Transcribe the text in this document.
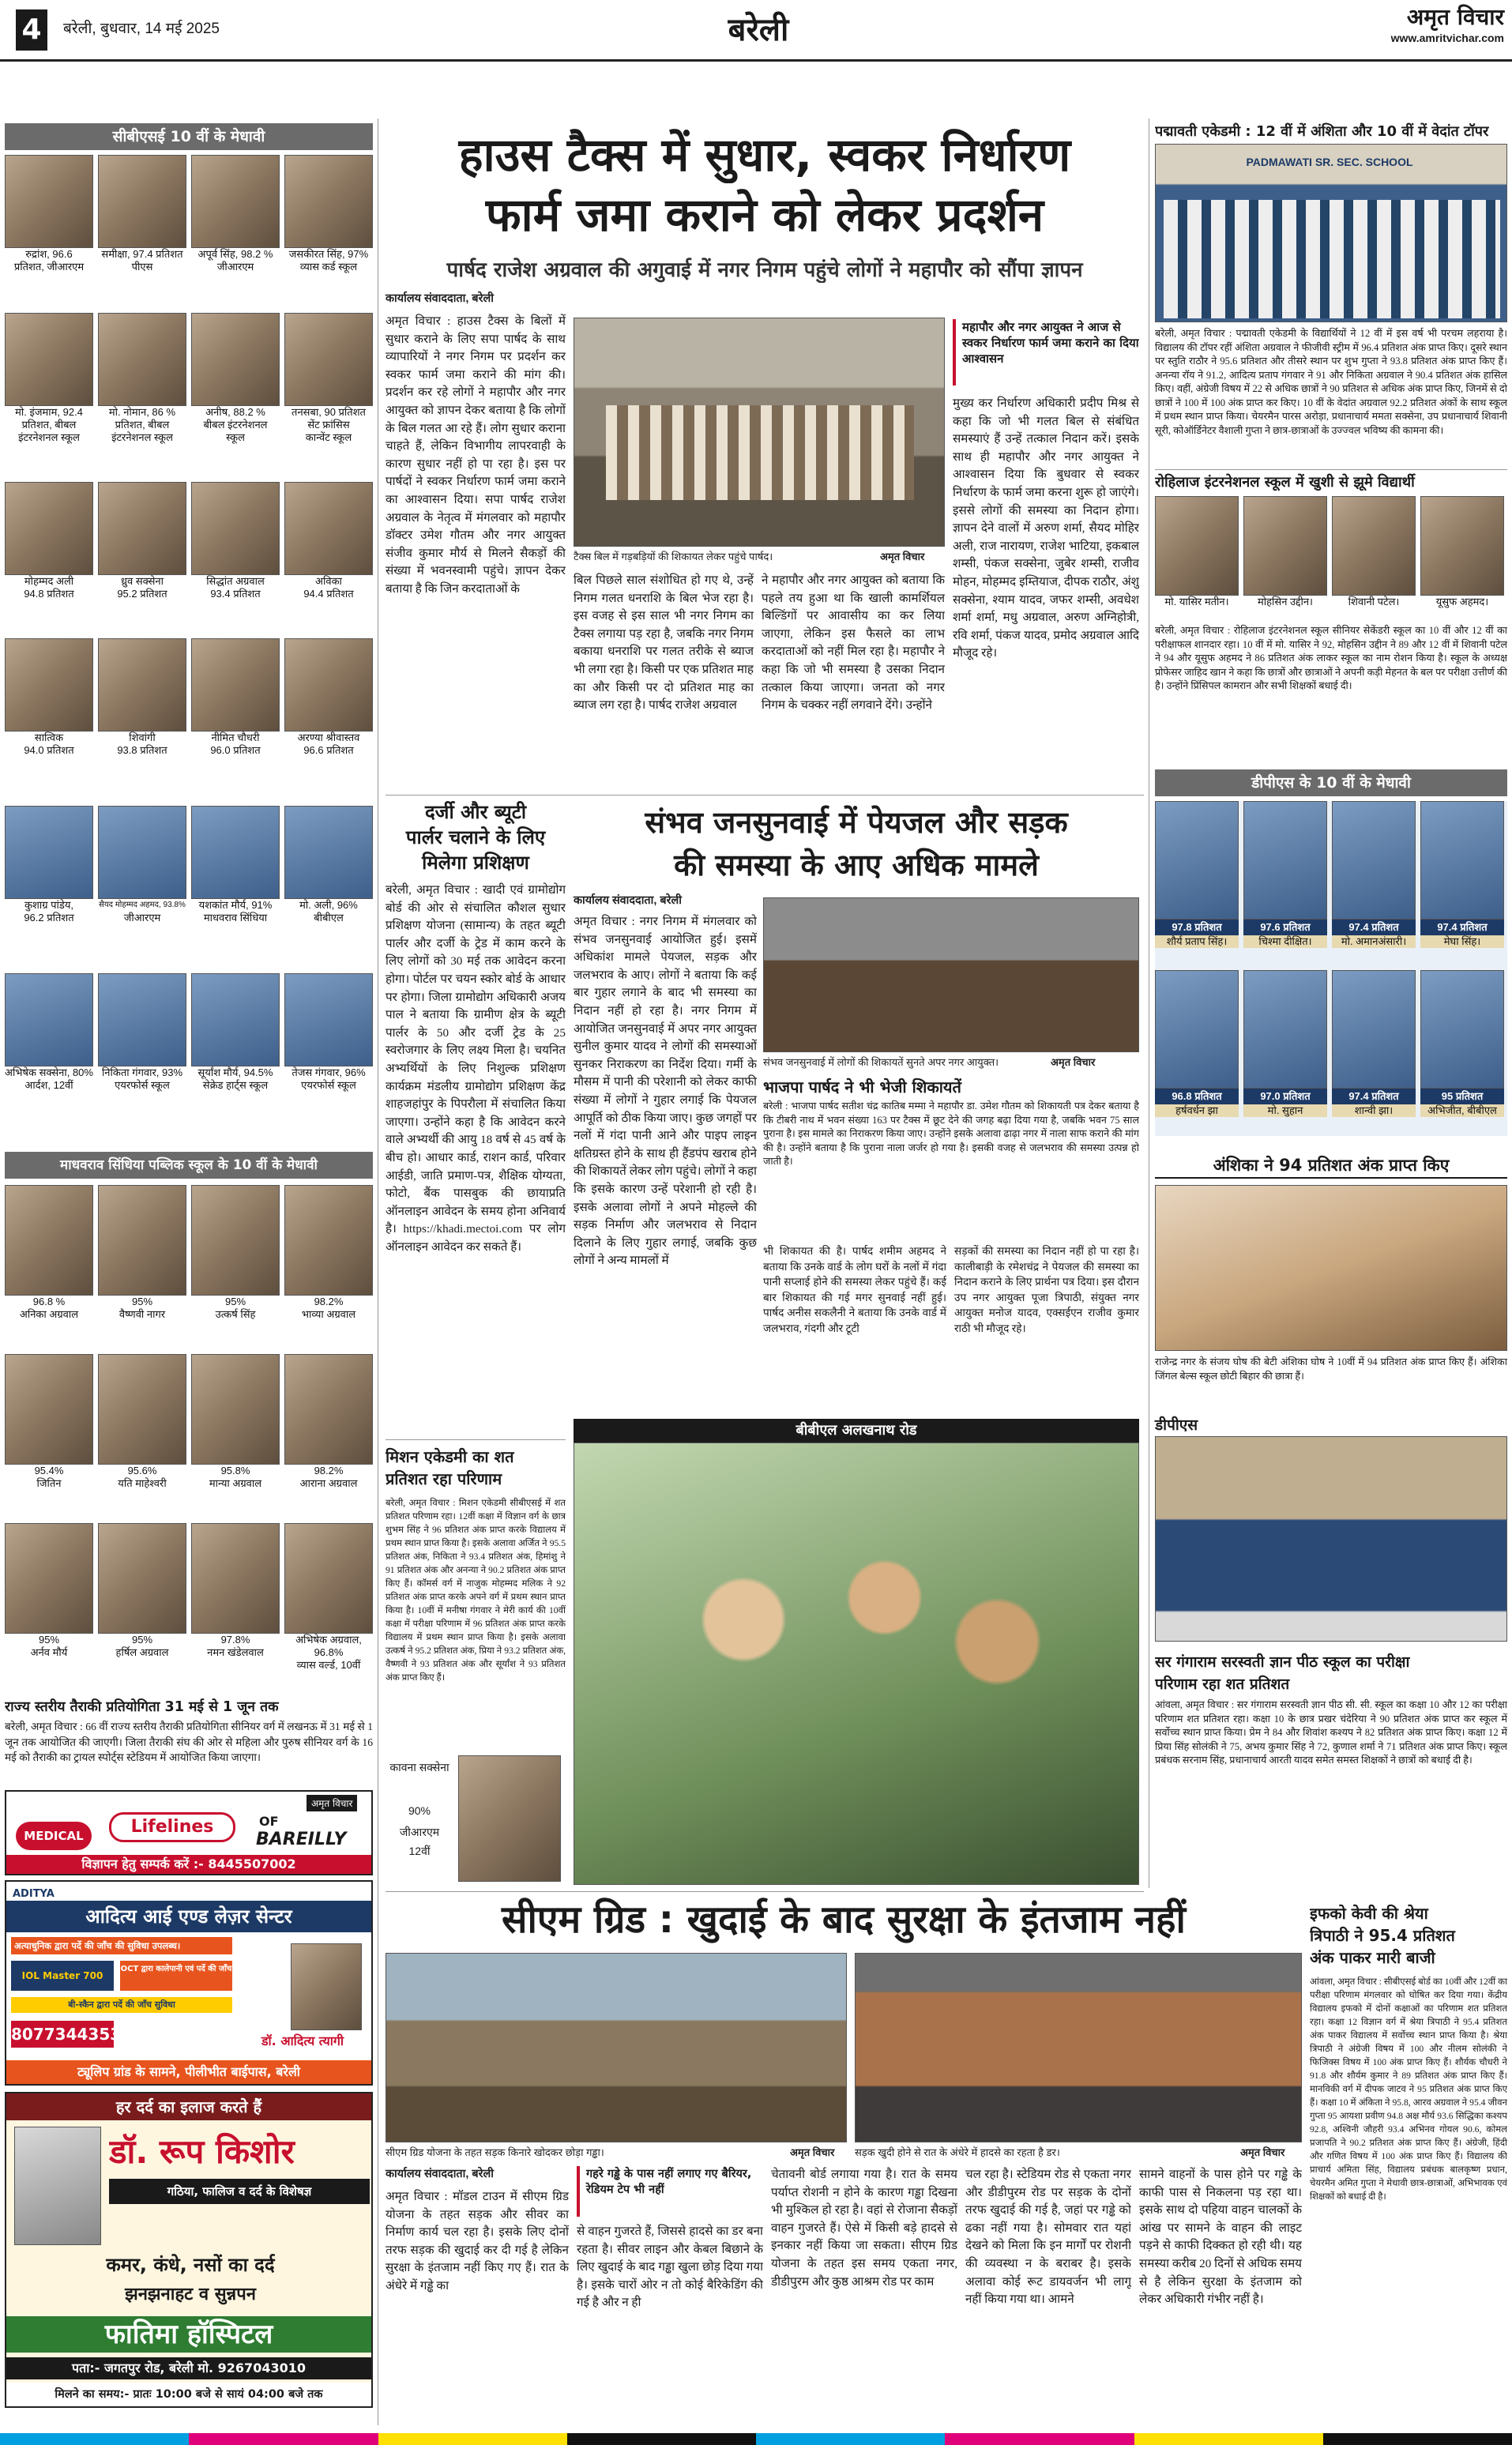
4	बरेली, बुधवार, 14 मई 2025	बरेली	अमृत विचार
www.amritvichar.com
सीबीएसई 10 वीं के मेधावी
रुद्रांश, 96.6
प्रतिशत, जीआरएम
समीक्षा, 97.4 प्रतिशत
पीएस
अपूर्व सिंह, 98.2 %
जीआरएम
जसकीरत सिंह, 97%
व्यास कर्ड स्कूल
मो. इंजमाम, 92.4
प्रतिशत, बीबल
इंटरनेशनल स्कूल
मो. नोमान, 86 %
प्रतिशत, बीबल
इंटरनेशनल स्कूल
अनीष, 88.2 %
बीबल इंटरनेशनल
स्कूल
तनसबा, 90 प्रतिशत
सेंट फ्रांसिस
कान्वेंट स्कूल
मोहम्मद अली
94.8 प्रतिशत
ध्रुव सक्सेना
95.2 प्रतिशत
सिद्धांत अग्रवाल
93.4 प्रतिशत
अविका
94.4 प्रतिशत
सात्विक
94.0 प्रतिशत
शिवांगी
93.8 प्रतिशत
नीमित चौधरी
96.0 प्रतिशत
अरण्या श्रीवास्तव
96.6 प्रतिशत
कुशाग्र पांडेय,
96.2 प्रतिशत
सैयद मोहम्मद अहमद, 93.8%
जीआरएम
यशकांत मौर्य, 91%
माधवराव सिंधिया
मो. अली, 96%
बीबीएल
अभिषेक सक्सेना, 80%
आर्दश, 12वीं
निकिता गंगवार, 93%
एयरफोर्स स्कूल
सूर्यांश मौर्य, 94.5%
सेक्रेड हार्ट्स स्कूल
तेजस गंगवार, 96%
एयरफोर्स स्कूल
माधवराव सिंधिया पब्लिक स्कूल के 10 वीं के मेधावी
96.8 %
अनिका अग्रवाल
95%
वैष्णवी नागर
95%
उत्कर्ष सिंह
98.2%
भाव्या अग्रवाल
95.4%
जितिन
95.6%
यति माहेश्वरी
95.8%
मान्या अग्रवाल
98.2%
आराना अग्रवाल
95%
अर्नव मौर्य
95%
हर्षिल अग्रवाल
97.8%
नमन खंडेलवाल
अभिषेक अग्रवाल, 96.8%
व्यास वर्ल्ड, 10वीं
राज्य स्तरीय तैराकी प्रतियोगिता 31 मई से 1 जून तक
बरेली, अमृत विचार : 66 वीं राज्य स्तरीय तैराकी प्रतियोगिता सीनियर वर्ग में लखनऊ में 31 मई से 1 जून तक आयोजित की जाएगी। जिला तैराकी संघ की ओर से महिला और पुरुष सीनियर वर्ग के 16 मई को तैराकी का ट्रायल स्पोर्ट्स स्टेडियम में आयोजित किया जाएगा।
MEDICAL	Lifelines
अमृत विचार
OF
BAREILLY
विज्ञापन हेतु सम्पर्क करें :- 8445507002
ADITYA
आदित्य आई एण्ड लेज़र सेन्टर
अत्याधुनिक द्वारा पर्दे की जाँच की सुविधा उपलब्ध।
IOL Master 700
OCT द्वारा कालेपानी एवं पर्दे की जाँच
बी-स्कैन द्वारा पर्दे की जाँच सुविधा
8077344353	डॉ. आदित्य त्यागी
ट्यूलिप ग्रांड के सामने, पीलीभीत बाईपास, बरेली
हर दर्द का इलाज करते हैं
डॉ. रूप किशोर
गठिया, फालिज व दर्द के विशेषज्ञ
कमर, कंधे, नसों का दर्द
झनझनाहट व सुन्नपन
फातिमा हॉस्पिटल
पता:- जगतपुर रोड, बरेली मो. 9267043010
मिलने का समय:- प्रातः 10:00 बजे से सायं 04:00 बजे तक
हाउस टैक्स में सुधार, स्वकर निर्धारण
फार्म जमा कराने को लेकर प्रदर्शन
पार्षद राजेश अग्रवाल की अगुवाई में नगर निगम पहुंचे लोगों ने महापौर को सौंपा ज्ञापन
कार्यालय संवाददाता, बरेली
अमृत विचार : हाउस टैक्स के बिलों में सुधार कराने के लिए सपा पार्षद के साथ व्यापारियों ने नगर निगम पर प्रदर्शन कर स्वकर फार्म जमा कराने की मांग की। प्रदर्शन कर रहे लोगों ने महापौर और नगर आयुक्त को ज्ञापन देकर बताया है कि लोगों के बिल गलत आ रहे हैं। लोग सुधार कराना चाहते हैं, लेकिन विभागीय लापरवाही के कारण सुधार नहीं हो पा रहा है। इस पर पार्षदों ने स्वकर निर्धारण फार्म जमा कराने का आश्वासन दिया। सपा पार्षद राजेश अग्रवाल के नेतृत्व में मंगलवार को महापौर डॉक्टर उमेश गौतम और नगर आयुक्त संजीव कुमार मौर्य से मिलने सैकड़ों की संख्या में भवनस्वामी पहुंचे। ज्ञापन देकर बताया है कि जिन करदाताओं के
टैक्स बिल में गड़बड़ियों की शिकायत लेकर पहुंचे पार्षद।	अमृत विचार
महापौर और नगर आयुक्त ने आज से स्वकर निर्धारण फार्म जमा कराने का दिया आश्वासन
मुख्य कर निर्धारण अधिकारी प्रदीप मिश्र से कहा कि जो भी गलत बिल से संबंधित समस्याएं हैं उन्हें तत्काल निदान करें। इसके साथ ही महापौर और नगर आयुक्त ने आश्वासन दिया कि बुधवार से स्वकर निर्धारण के फार्म जमा करना शुरू हो जाएंगे। इससे लोगों की समस्या का निदान होगा। ज्ञापन देने वालों में अरुण शर्मा, सैयद मोहिर अली, राज नारायण, राजेश भाटिया, इकबाल शम्सी, पंकज सक्सेना, जुबेर शम्सी, राजीव मोहन, मोहम्मद इम्तियाज, दीपक राठौर, अंशु सक्सेना, श्याम यादव, जफर शम्सी, अवधेश शर्मा शर्मा, मधु अग्रवाल, अरुण अग्निहोत्री, रवि शर्मा, पंकज यादव, प्रमोद अग्रवाल आदि मौजूद रहे।
बिल पिछले साल संशोधित हो गए थे, उन्हें निगम गलत धनराशि के बिल भेज रहा है। इस वजह से इस साल भी नगर निगम का टैक्स लगाया पड़ रहा है, जबकि नगर निगम बकाया धनराशि पर गलत तरीके से ब्याज भी लगा रहा है। किसी पर एक प्रतिशत माह का और किसी पर दो प्रतिशत माह का ब्याज लग रहा है। पार्षद राजेश अग्रवाल
ने महापौर और नगर आयुक्त को बताया कि पहले तय हुआ था कि खाली कामर्शियल बिल्डिंगों पर आवासीय का कर लिया जाएगा, लेकिन इस फैसले का लाभ करदाताओं को नहीं मिल रहा है। महापौर ने कहा कि जो भी समस्या है उसका निदान तत्काल किया जाएगा। जनता को नगर निगम के चक्कर नहीं लगवाने देंगे। उन्होंने
दर्जी और ब्यूटी
पार्लर चलाने के लिए
मिलेगा प्रशिक्षण
बरेली, अमृत विचार : खादी एवं ग्रामोद्योग बोर्ड की ओर से संचालित कौशल सुधार प्रशिक्षण योजना (सामान्य) के तहत ब्यूटी पार्लर और दर्जी के ट्रेड में काम करने के लिए लोगों को 30 मई तक आवेदन करना होगा। पोर्टल पर चयन स्कोर बोर्ड के आधार पर होगा। जिला ग्रामोद्योग अधिकारी अजय पाल ने बताया कि ग्रामीण क्षेत्र के ब्यूटी पार्लर के 50 और दर्जी ट्रेड के 25 स्वरोजगार के लिए लक्ष्य मिला है। चयनित अभ्यर्थियों के लिए निशुल्क प्रशिक्षण कार्यक्रम मंडलीय ग्रामोद्योग प्रशिक्षण केंद्र शाहजहांपुर के पिपरौला में संचालित किया जाएगा। उन्होंने कहा है कि आवेदन करने वाले अभ्यर्थी की आयु 18 वर्ष से 45 वर्ष के बीच हो। आधार कार्ड, राशन कार्ड, परिवार आईडी, जाति प्रमाण-पत्र, शैक्षिक योग्यता, फोटो, बैंक पासबुक की छायाप्रति ऑनलाइन आवेदन के समय होना अनिवार्य है। https://khadi.mectoi.com पर लोग ऑनलाइन आवेदन कर सकते हैं।
मिशन एकेडमी का शत
प्रतिशत रहा परिणाम
बरेली, अमृत विचार : मिशन एकेडमी सीबीएसई में शत प्रतिशत परिणाम रहा। 12वीं कक्षा में विज्ञान वर्ग के छात्र शुभम सिंह ने 96 प्रतिशत अंक प्राप्त करके विद्यालय में प्रथम स्थान प्राप्त किया है। इसके अलावा अर्जित ने 95.5 प्रतिशत अंक, निकिता ने 93.4 प्रतिशत अंक, हिमांशु ने 91 प्रतिशत अंक और अनन्या ने 90.2 प्रतिशत अंक प्राप्त किए हैं। कॉमर्स वर्ग में नाजुक मोहम्मद मलिक ने 92 प्रतिशत अंक प्राप्त करके अपने वर्ग में प्रथम स्थान प्राप्त किया है। 10वीं में मनीषा गंगवार ने मेरी कार्य की 10वीं कक्षा में परीक्षा परिणाम में 96 प्रतिशत अंक प्राप्त करके विद्यालय में प्रथम स्थान प्राप्त किया है। इसके अलावा उत्कर्ष ने 95.2 प्रतिशत अंक, प्रिया ने 93.2 प्रतिशत अंक, वैष्णवी ने 93 प्रतिशत अंक और सूर्यांश ने 93 प्रतिशत अंक प्राप्त किए हैं।
कावना सक्सेना
90%
जीआरएम
12वीं
संभव जनसुनवाई में पेयजल और सड़क
की समस्या के आए अधिक मामले
कार्यालय संवाददाता, बरेली
अमृत विचार : नगर निगम में मंगलवार को संभव जनसुनवाई आयोजित हुई। इसमें अधिकांश मामले पेयजल, सड़क और जलभराव के आए। लोगों ने बताया कि कई बार गुहार लगाने के बाद भी समस्या का निदान नहीं हो रहा है। नगर निगम में आयोजित जनसुनवाई में अपर नगर आयुक्त सुनील कुमार यादव ने लोगों की समस्याओं सुनकर निराकरण का निर्देश दिया। गर्मी के मौसम में पानी की परेशानी को लेकर काफी संख्या में लोगों ने गुहार लगाई कि पेयजल आपूर्ति को ठीक किया जाए। कुछ जगहों पर नलों में गंदा पानी आने और पाइप लाइन क्षतिग्रस्त होने के साथ ही हैंडपंप खराब होने की शिकायतें लेकर लोग पहुंचे। लोगों ने कहा कि इसके कारण उन्हें परेशानी हो रही है। इसके अलावा लोगों ने अपने मोहल्ले की सड़क निर्माण और जलभराव से निदान दिलाने के लिए गुहार लगाई, जबकि कुछ लोगों ने अन्य मामलों में
संभव जनसुनवाई में लोगों की शिकायतें सुनते अपर नगर आयुक्त।	अमृत विचार
भाजपा पार्षद ने भी भेजी शिकायतें
बरेली : भाजपा पार्षद सतीश चंद्र कातिब मम्मा ने महापौर डा. उमेश गौतम को शिकायती पत्र देकर बताया है कि टीबरी नाथ में भवन संख्या 163 पर टैक्स में छूट देने की जगह बढ़ा दिया गया है, जबकि भवन 75 साल पुराना है। इस मामले का निराकरण किया जाए। उन्होंने इसके अलावा ढाढ़ा नगर में नाला साफ कराने की मांग की है। उन्होंने बताया है कि पुराना नाला जर्जर हो गया है। इसकी वजह से जलभराव की समस्या उत्पन्न हो जाती है।
भी शिकायत की है। पार्षद शमीम अहमद ने बताया कि उनके वार्ड के लोग घरों के नलों में गंदा पानी सप्लाई होने की समस्या लेकर पहुंचे हैं। कई बार शिकायत की गई मगर सुनवाई नहीं हुई। पार्षद अनीस सकलैनी ने बताया कि उनके वार्ड में जलभराव, गंदगी और टूटी
सड़कों की समस्या का निदान नहीं हो पा रहा है। कालीबाड़ी के रमेशचंद्र ने पेयजल की समस्या का निदान कराने के लिए प्रार्थना पत्र दिया। इस दौरान उप नगर आयुक्त पूजा त्रिपाठी, संयुक्त नगर आयुक्त मनोज यादव, एक्सईएन राजीव कुमार राठी भी मौजूद रहे।
बीबीएल अलखनाथ रोड
सीएम ग्रिड : खुदाई के बाद सुरक्षा के इंतजाम नहीं
सीएम ग्रिड योजना के तहत सड़क किनारे खोदकर छोड़ा गड्ढा।	अमृत विचार	सड़क खुदी होने से रात के अंधेरे में हादसे का रहता है डर।	अमृत विचार
कार्यालय संवाददाता, बरेली
अमृत विचार : मॉडल टाउन में सीएम ग्रिड योजना के तहत सड़क और सीवर का निर्माण कार्य चल रहा है। इसके लिए दोनों तरफ सड़क की खुदाई कर दी गई है लेकिन सुरक्षा के इंतजाम नहीं किए गए हैं। रात के अंधेरे में गड्ढे का
गहरे गड्ढे के पास नहीं लगाए गए बैरियर, रेडियम टेप भी नहीं
से वाहन गुजरते हैं, जिससे हादसे का डर बना रहता है। सीवर लाइन और केबल बिछाने के लिए खुदाई के बाद गड्ढा खुला छोड़ दिया गया है। इसके चारों ओर न तो कोई बैरिकेडिंग की गई है और न ही
चेतावनी बोर्ड लगाया गया है। रात के समय पर्याप्त रोशनी न होने के कारण गड्ढा दिखना भी मुश्किल हो रहा है। वहां से रोजाना सैकड़ों वाहन गुजरते हैं। ऐसे में किसी बड़े हादसे से इनकार नहीं किया जा सकता। सीएम ग्रिड योजना के तहत इस समय एकता नगर, डीडीपुरम और कुष्ठ आश्रम रोड पर काम
चल रहा है। स्टेडियम रोड से एकता नगर और डीडीपुरम रोड पर सड़क के दोनों तरफ खुदाई की गई है, जहां पर गड्ढे को ढका नहीं गया है। सोमवार रात यहां देखने को मिला कि इन मार्गों पर रोशनी की व्यवस्था न के बराबर है। इसके अलावा कोई रूट डायवर्जन भी लागू नहीं किया गया था। आमने
सामने वाहनों के पास होने पर गड्ढे के काफी पास से निकलना पड़ रहा था। इसके साथ दो पहिया वाहन चालकों के आंख पर सामने के वाहन की लाइट पड़ने से काफी दिक्कत हो रही थी। यह समस्या करीब 20 दिनों से अधिक समय से है लेकिन सुरक्षा के इंतजाम को लेकर अधिकारी गंभीर नहीं है।
पद्मावती एकेडमी : 12 वीं में अंशिता और 10 वीं में वेदांत टॉपर
PADMAWATI SR. SEC. SCHOOL
बरेली, अमृत विचार : पद्मावती एकेडमी के विद्यार्थियों ने 12 वीं में इस वर्ष भी परचम लहराया है। विद्यालय की टॉपर रहीं अंशिता अग्रवाल ने फीजीवी स्ट्रीम में 96.4 प्रतिशत अंक प्राप्त किए। दूसरे स्थान पर स्तुति राठौर ने 95.6 प्रतिशत और तीसरे स्थान पर शुभ गुप्ता ने 93.8 प्रतिशत अंक प्राप्त किए हैं। अनन्या रॉय ने 91.2, आदित्य प्रताप गंगवार ने 91 और निकिता अग्रवाल ने 90.4 प्रतिशत अंक हासिल किए। वहीं, अंग्रेजी विषय में 22 से अधिक छात्रों ने 90 प्रतिशत से अधिक अंक प्राप्त किए, जिनमें से दो छात्रों ने 100 में 100 अंक प्राप्त कर किए। 10 वीं के वेदांत अग्रवाल 92.2 प्रतिशत अंकों के साथ स्कूल में प्रथम स्थान प्राप्त किया। चेयरमैन पारस अरोड़ा, प्रधानाचार्य ममता सक्सेना, उप प्रधानाचार्य शिवानी सूरी, कोऑर्डिनेटर वैशाली गुप्ता ने छात्र-छात्राओं के उज्ज्वल भविष्य की कामना की।
रोहिलाज इंटरनेशनल स्कूल में खुशी से झूमे विद्यार्थी
मो. यासिर मतीन।	मोहसिन उद्दीन।	शिवानी पटेल।	यूसुफ अहमद।
बरेली, अमृत विचार : रोहिलाज इंटरनेशनल स्कूल सीनियर सेकेंडरी स्कूल का 10 वीं और 12 वीं का परीक्षाफल शानदार रहा। 10 वीं में मो. यासिर ने 92, मोहसिन उद्दीन ने 89 और 12 वीं में शिवानी पटेल ने 94 और यूसुफ अहमद ने 86 प्रतिशत अंक लाकर स्कूल का नाम रोशन किया है। स्कूल के अध्यक्ष प्रोफेसर जाहिद खान ने कहा कि छात्रों और छात्राओं ने अपनी कड़ी मेहनत के बल पर परीक्षा उत्तीर्ण की है। उन्होंने प्रिंसिपल कामरान और सभी शिक्षकों बधाई दी।
डीपीएस के 10 वीं के मेधावी
97.8 प्रतिशत
शौर्य प्रताप सिंह।
97.6 प्रतिशत
चिश्मा दीक्षित।
97.4 प्रतिशत
मो. अमानअंसारी।
97.4 प्रतिशत
मेघा सिंह।
96.8 प्रतिशत
हर्षवर्धन झा
97.0 प्रतिशत
मो. सुहान
97.4 प्रतिशत
शान्वी झा।
95 प्रतिशत
अभिजीत, बीबीएल
अंशिका ने 94 प्रतिशत अंक प्राप्त किए
राजेन्द्र नगर के संजय घोष की बेटी अंशिका घोष ने 10वीं में 94 प्रतिशत अंक प्राप्त किए हैं। अंशिका जिंगल बेल्स स्कूल छोटी बिहार की छात्रा हैं।
डीपीएस
सर गंगाराम सरस्वती ज्ञान पीठ स्कूल का परीक्षा
परिणाम रहा शत प्रतिशत
आंवला, अमृत विचार : सर गंगाराम सरस्वती ज्ञान पीठ सी. सी. स्कूल का कक्षा 10 और 12 का परीक्षा परिणाम शत प्रतिशत रहा। कक्षा 10 के छात्र प्रखर चंदेरिया ने 90 प्रतिशत अंक प्राप्त कर स्कूल में सर्वोच्च स्थान प्राप्त किया। प्रेम ने 84 और शिवांश कश्यप ने 82 प्रतिशत अंक प्राप्त किए। कक्षा 12 में प्रिया सिंह सोलंकी ने 75, अभय कुमार सिंह ने 72, कुणाल शर्मा ने 71 प्रतिशत अंक प्राप्त किए। स्कूल प्रबंधक सरनाम सिंह, प्रधानाचार्य आरती यादव समेत समस्त शिक्षकों ने छात्रों को बधाई दी है।
इफको केवी की श्रेया
त्रिपाठी ने 95.4 प्रतिशत
अंक पाकर मारी बाजी
आंवला, अमृत विचार : सीबीएसई बोर्ड का 10वीं और 12वीं का परीक्षा परिणाम मंगलवार को घोषित कर दिया गया। केंद्रीय विद्यालय इफको में दोनों कक्षाओं का परिणाम शत प्रतिशत रहा। कक्षा 12 विज्ञान वर्ग में श्रेया त्रिपाठी ने 95.4 प्रतिशत अंक पाकर विद्यालय में सर्वोच्च स्थान प्राप्त किया है। श्रेया त्रिपाठी ने अंग्रेजी विषय में 100 और नीलम सोलंकी ने फिजिक्स विषय में 100 अंक प्राप्त किए हैं। शौर्यक चौधरी ने 91.8 और शौर्यम कुमार ने 89 प्रतिशत अंक प्राप्त किए हैं। मानविकी वर्ग में दीपक जाटव ने 95 प्रतिशत अंक प्राप्त किए हैं। कक्षा 10 में अंकिता ने 95.8, आरव अग्रवाल ने 95.4 जीवन गुप्ता 95 आयशा प्रवीण 94.8 अक्ष मौर्य 93.6 सिद्धिका कश्यप 92.8, अश्विनी जौहरी 93.4 अभिनव गोयल 90.6, कोमल प्रजापति ने 90.2 प्रतिशत अंक प्राप्त किए हैं। अंग्रेजी, हिंदी और गणित विषय में 100 अंक प्राप्त किए हैं। विद्यालय की प्राचार्य अमिता सिंह, विद्यालय प्रबंधक बालकृष्ण प्रधान, चेयरमैन अमित गुप्ता ने मेधावी छात्र-छात्राओं, अभिभावक एवं शिक्षकों को बधाई दी है।
